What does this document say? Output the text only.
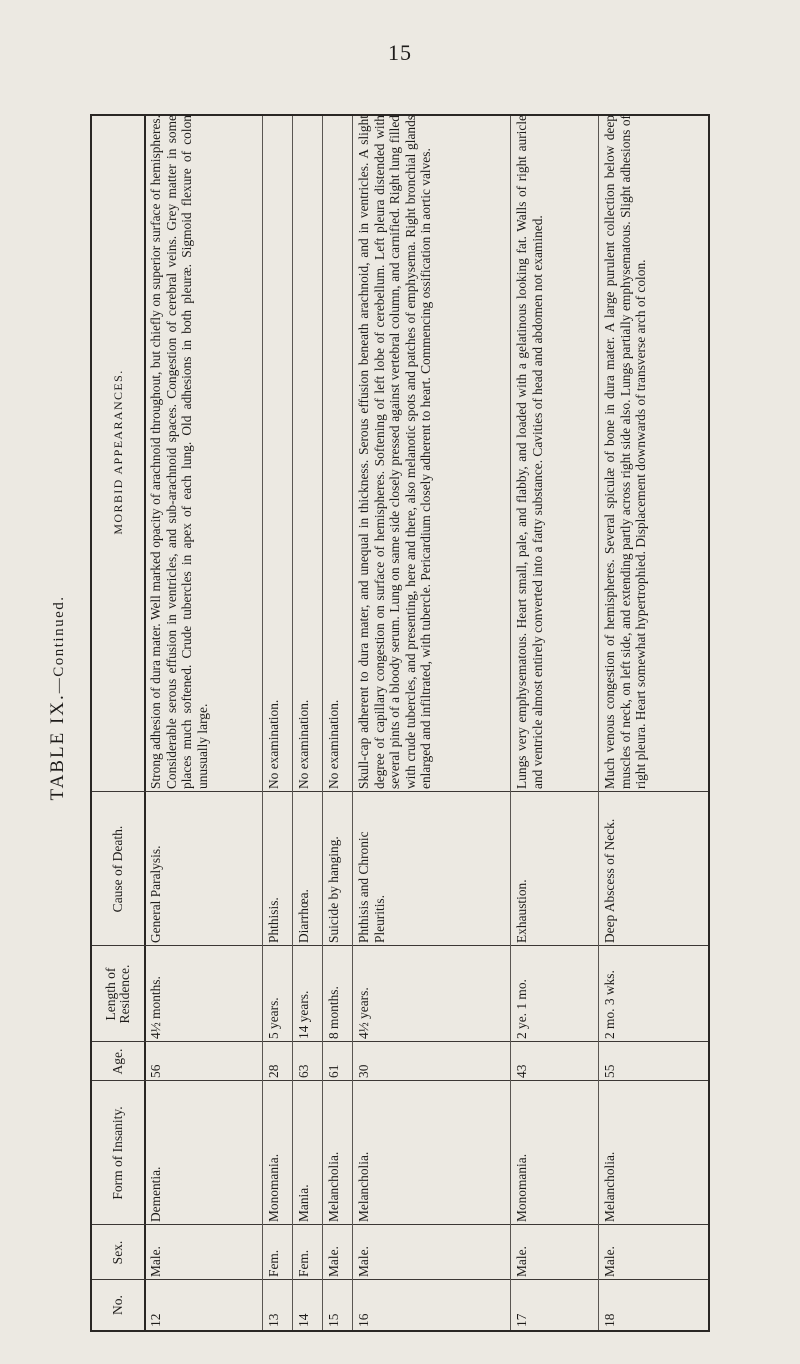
15
TABLE IX.—Continued.
No.
Sex.
Form of Insanity.
Age.
Length of Residence.
Cause of Death.
MORBID APPEARANCES.
12
Male.
Dementia.
56
4½ months.
General Paralysis.
Strong adhesion of dura mater. Well marked opacity of arachnoid throughout, but chiefly on superior surface of hemispheres. Considerable serous effusion in ventricles, and sub-arachnoid spaces. Congestion of cerebral veins. Grey matter in some places much softened. Crude tubercles in apex of each lung. Old adhesions in both pleuræ. Sigmoid flexure of colon unusually large.
13
Fem.
Monomania.
28
5 years.
Phthisis.
No examination.
14
Fem.
Mania.
63
14 years.
Diarrhœa.
No examination.
15
Male.
Melancholia.
61
8 months.
Suicide by hanging.
No examination.
16
Male.
Melancholia.
30
4½ years.
Phthisis and Chronic Pleuritis.
Skull-cap adherent to dura mater, and unequal in thickness. Serous effusion beneath arachnoid, and in ventricles. A slight degree of capillary congestion on surface of hemispheres. Softening of left lobe of cerebellum. Left pleura distended with several pints of a bloody serum. Lung on same side closely pressed against vertebral column, and carnified. Right lung filled with crude tubercles, and presenting, here and there, also melanotic spots and patches of emphysema. Right bronchial glands enlarged and infiltrated, with tubercle. Pericardium closely adherent to heart. Commencing ossification in aortic valves.
17
Male.
Monomania.
43
2 ye. 1 mo.
Exhaustion.
Lungs very emphysematous. Heart small, pale, and flabby, and loaded with a gelatinous looking fat. Walls of right auricle and ventricle almost entirely converted into a fatty substance. Cavities of head and abdomen not examined.
18
Male.
Melancholia.
55
2 mo. 3 wks.
Deep Abscess of Neck.
Much venous congestion of hemispheres. Several spiculæ of bone in dura mater. A large purulent collection below deep muscles of neck, on left side, and extending partly across right side also. Lungs partially emphysematous. Slight adhesions of right pleura. Heart somewhat hypertrophied. Displacement downwards of transverse arch of colon.
